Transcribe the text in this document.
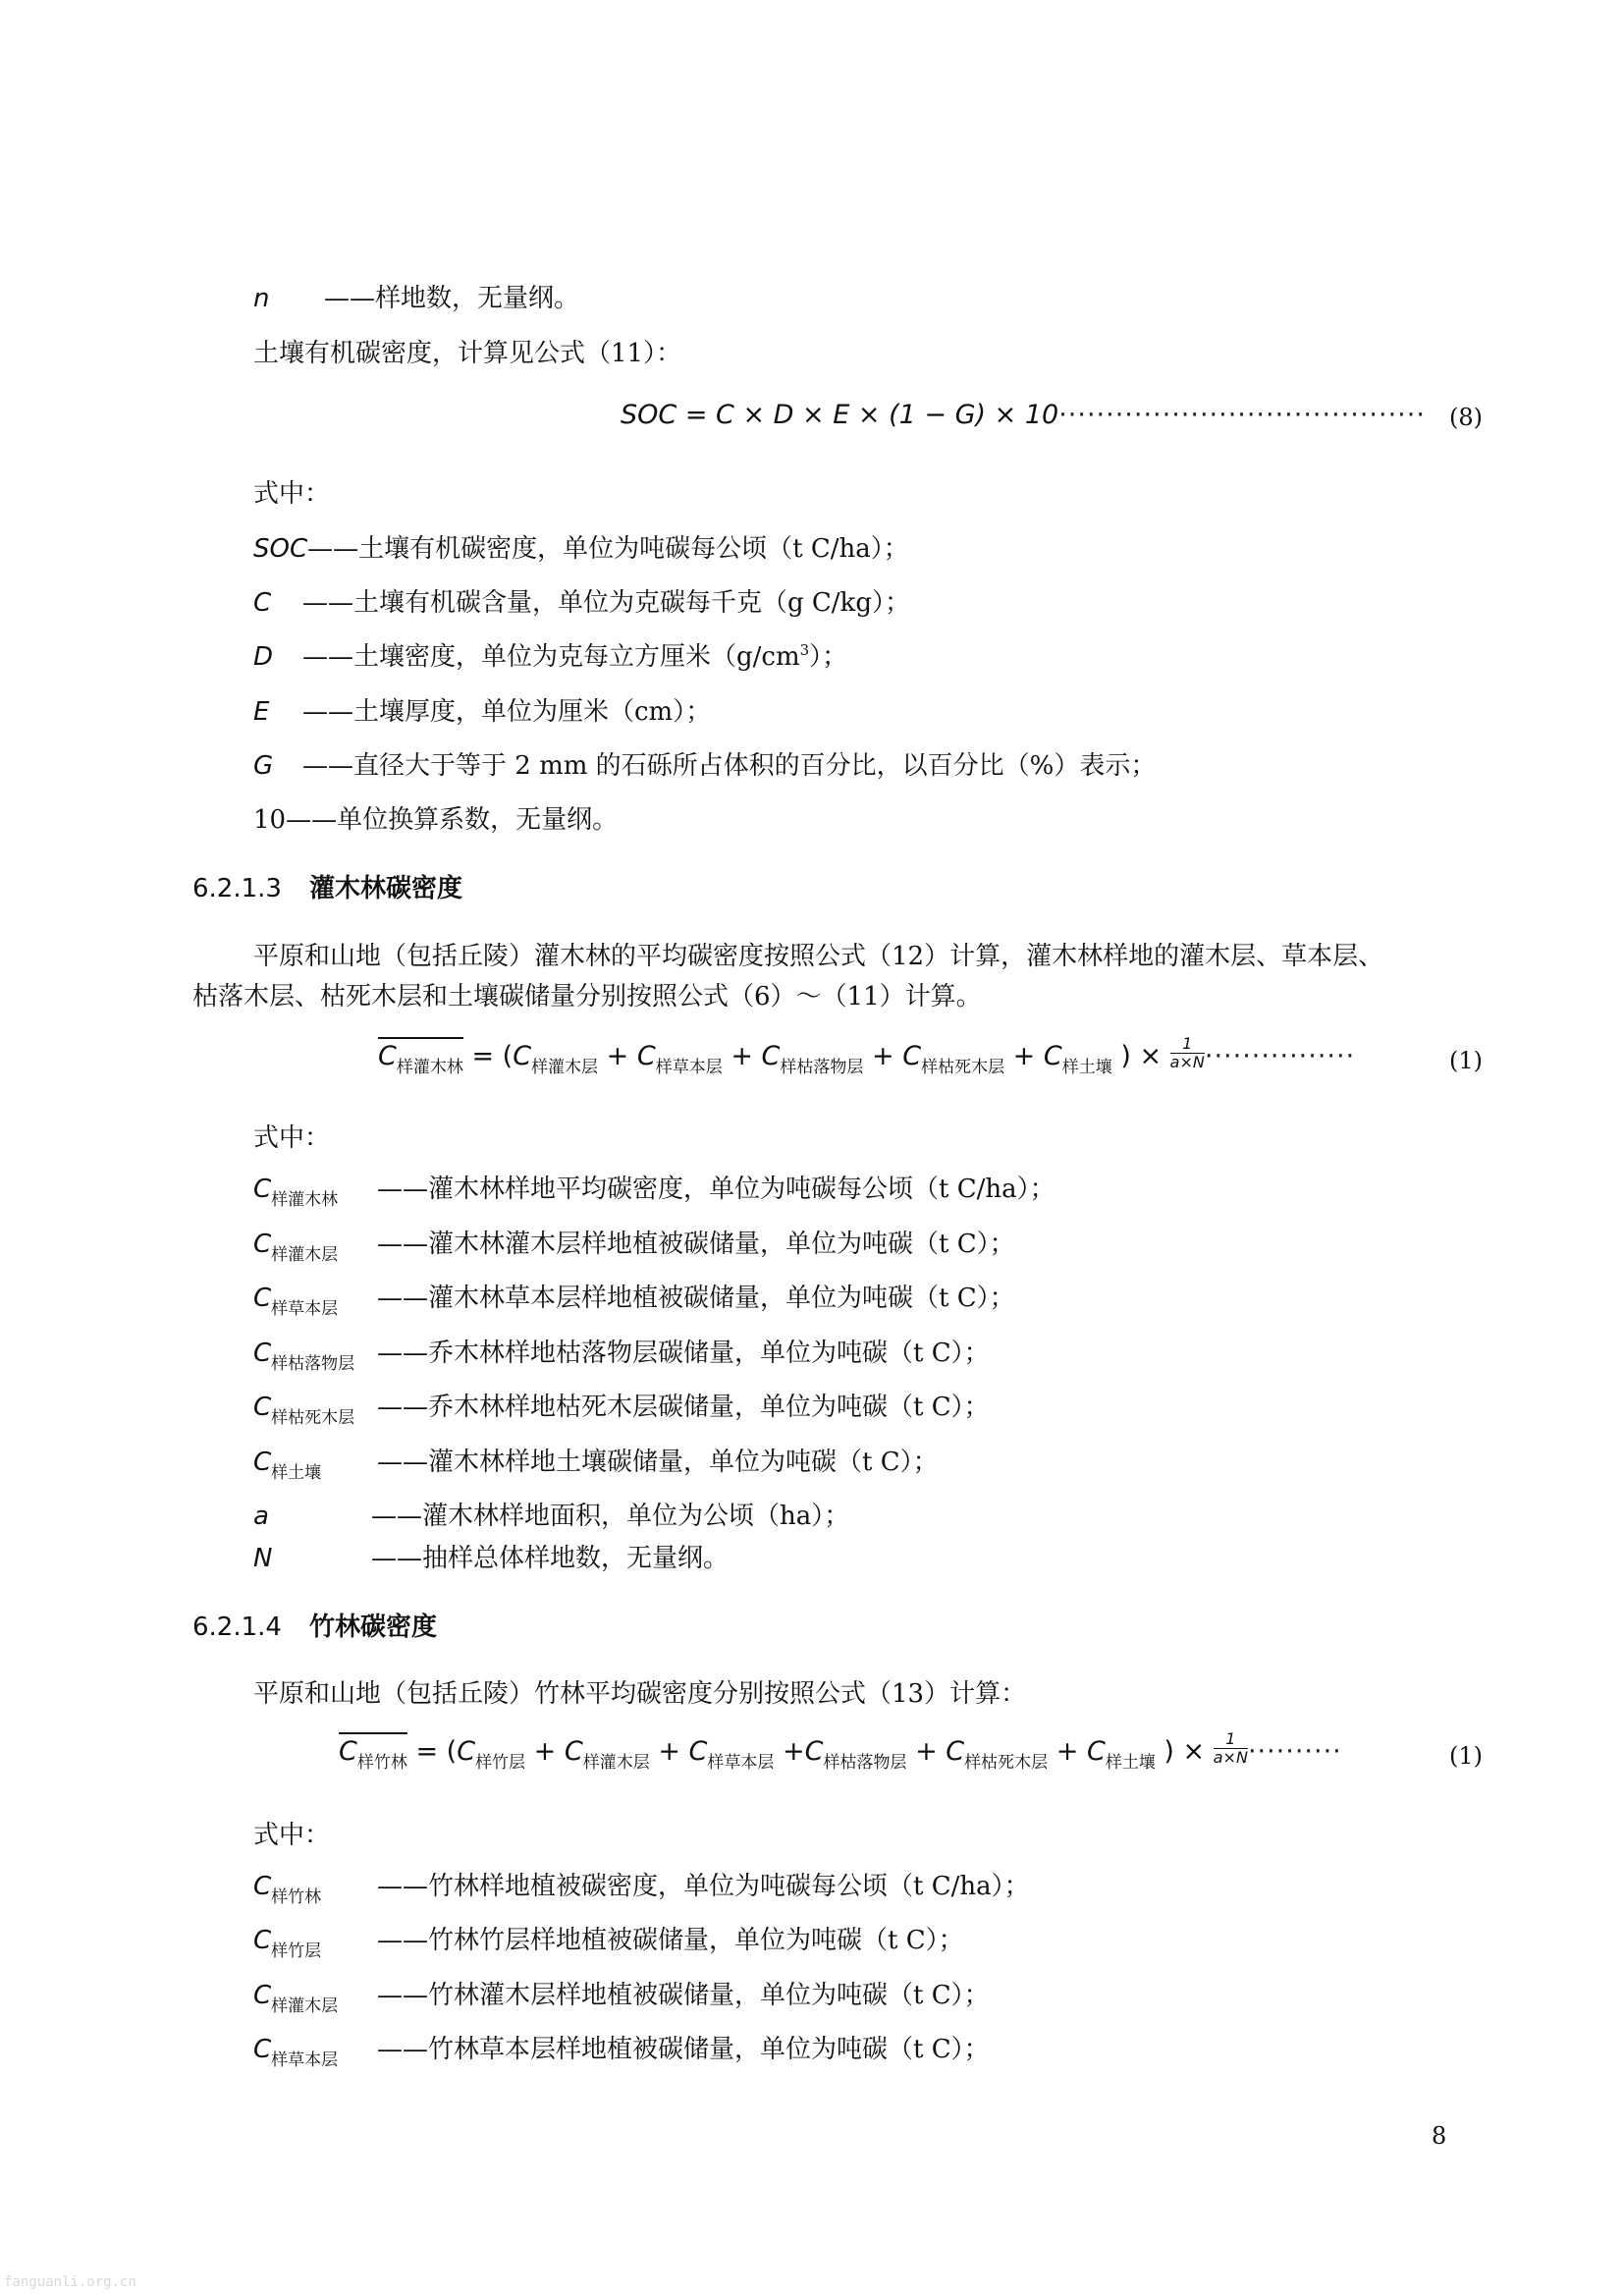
n ——样地数，无量纲。
土壤有机碳密度，计算见公式（11）：
SOC = C × D × E × (1 − G) × 10······································· (8)
式中：
SOC——土壤有机碳密度，单位为吨碳每公顷（t C/ha）；
C ——土壤有机碳含量，单位为克碳每千克（g C/kg）；
D ——土壤密度，单位为克每立方厘米$(g/cm^3)$；
E ——土壤厚度，单位为厘米（cm）；
G ——直径大于等于 2 mm 的石砾所占体积的百分比，以百分比（%）表示；
10——单位换算系数，无量纲。
6.2.1.3 灌木林碳密度
平原和山地（包括丘陵）灌木林的平均碳密度按照公式（12）计算，灌木林样地的灌木层、草本层、
枯落木层、枯死木层和土壤碳储量分别按照公式（6）～（11）计算。
$C_{样灌木林} = (C_{样灌木层} + C_{样草本层} + C_{样枯落物层} + C_{样枯死木层} + C_{样土壤}$ ) × $\frac{1}{a\times N}$ ················	(1)
式中：
$C_{样灌木林}$ ——灌木林样地平均碳密度，单位为吨碳每公顷（t C/ha）；
$C_{样灌木层}$ ——灌木林灌木层样地植被碳储量，单位为吨碳（t C）；
$C_{样草本层}$ ——灌木林草本层样地植被碳储量，单位为吨碳（t C）；
$C_{样枯落物层}$ ——乔木林样地枯落物层碳储量，单位为吨碳（t C）；
$C_{样枯死木层}$ ——乔木林样地枯死木层碳储量，单位为吨碳（t C）；
$C_{样土壤}$ ——灌木林样地土壤碳储量，单位为吨碳（t C）；
a	——灌木林样地面积，单位为公顷（ha）；
N	——抽样总体样地数，无量纲。
6.2.1.4 竹林碳密度
平原和山地（包括丘陵）竹林平均碳密度分别按照公式（13）计算：
$C_{样竹林} = (C_{样竹层} + C_{样灌木层} + C_{样草本层} +C_{样枯落物层} + C_{样枯死木层} + C_{样土壤}$ ) × $\frac{1}{a\times N}$ ··········	(1)
式中：
$C_{样竹林}$ ——竹林样地植被碳密度，单位为吨碳每公顷（t C/ha）；
$C_{样竹层}$ ——竹林竹层样地植被碳储量，单位为吨碳（t C）；
$C_{样灌木层}$ ——竹林灌木层样地植被碳储量，单位为吨碳（t C）；
$C_{样草本层}$ ——竹林草本层样地植被碳储量，单位为吨碳（t C）；
8
fanguanli.org.cn
